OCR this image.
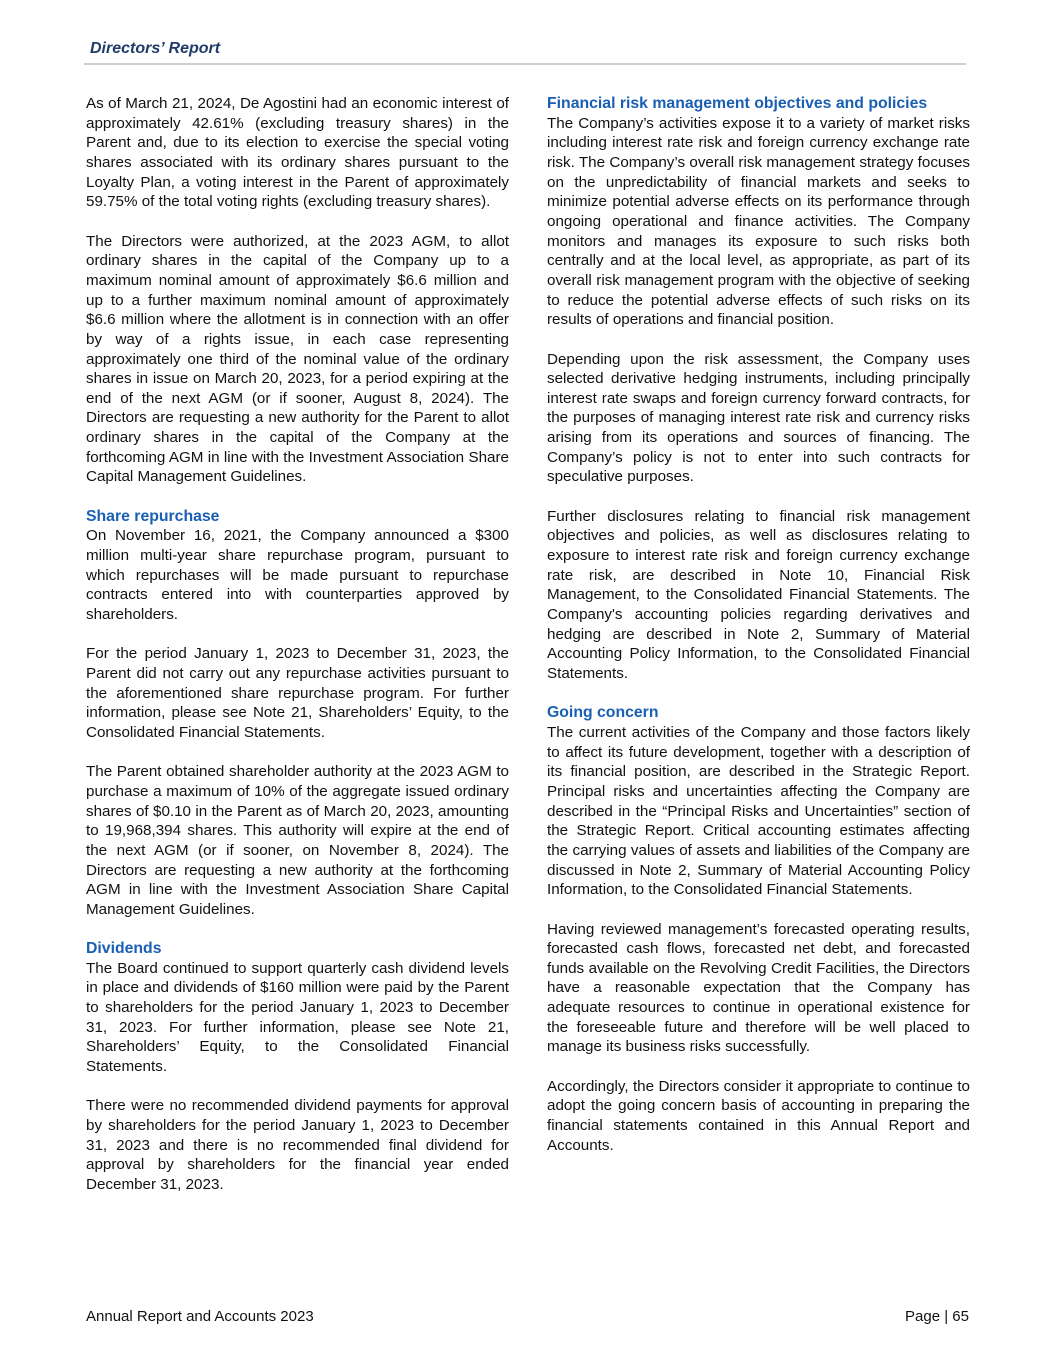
Directors’ Report

As of March 21, 2024, De Agostini had an economic interest of approximately 42.61% (excluding treasury shares) in the Parent and, due to its election to exercise the special voting shares associated with its ordinary shares pursuant to the Loyalty Plan, a voting interest in the Parent of approximately 59.75% of the total voting rights (excluding treasury shares).

The Directors were authorized, at the 2023 AGM, to allot ordinary shares in the capital of the Company up to a maximum nominal amount of approximately $6.6 million and up to a further maximum nominal amount of approximately $6.6 million where the allotment is in connection with an offer by way of a rights issue, in each case representing approximately one third of the nominal value of the ordinary shares in issue on March 20, 2023, for a period expiring at the end of the next AGM (or if sooner, August 8, 2024). The Directors are requesting a new authority for the Parent to allot ordinary shares in the capital of the Company at the forthcoming AGM in line with the Investment Association Share Capital Management Guidelines.

Share repurchase

On November 16, 2021, the Company announced a $300 million multi-year share repurchase program, pursuant to which repurchases will be made pursuant to repurchase contracts entered into with counterparties approved by shareholders.

For the period January 1, 2023 to December 31, 2023, the Parent did not carry out any repurchase activities pursuant to the aforementioned share repurchase program. For further information, please see Note 21, Shareholders’ Equity, to the Consolidated Financial Statements.

The Parent obtained shareholder authority at the 2023 AGM to purchase a maximum of 10% of the aggregate issued ordinary shares of $0.10 in the Parent as of March 20, 2023, amounting to 19,968,394 shares. This authority will expire at the end of the next AGM (or if sooner, on November 8, 2024). The Directors are requesting a new authority at the forthcoming AGM in line with the Investment Association Share Capital Management Guidelines.

Dividends

The Board continued to support quarterly cash dividend levels in place and dividends of $160 million were paid by the Parent to shareholders for the period January 1, 2023 to December 31, 2023. For further information, please see Note 21, Shareholders’ Equity, to the Consolidated Financial Statements.

There were no recommended dividend payments for approval by shareholders for the period January 1, 2023 to December 31, 2023 and there is no recommended final dividend for approval by shareholders for the financial year ended December 31, 2023.

Financial risk management objectives and policies

The Company’s activities expose it to a variety of market risks including interest rate risk and foreign currency exchange rate risk. The Company’s overall risk management strategy focuses on the unpredictability of financial markets and seeks to minimize potential adverse effects on its performance through ongoing operational and finance activities. The Company monitors and manages its exposure to such risks both centrally and at the local level, as appropriate, as part of its overall risk management program with the objective of seeking to reduce the potential adverse effects of such risks on its results of operations and financial position.

Depending upon the risk assessment, the Company uses selected derivative hedging instruments, including principally interest rate swaps and foreign currency forward contracts, for the purposes of managing interest rate risk and currency risks arising from its operations and sources of financing. The Company’s policy is not to enter into such contracts for speculative purposes.

Further disclosures relating to financial risk management objectives and policies, as well as disclosures relating to exposure to interest rate risk and foreign currency exchange rate risk, are described in Note 10, Financial Risk Management, to the Consolidated Financial Statements. The Company's accounting policies regarding derivatives and hedging are described in Note 2, Summary of Material Accounting Policy Information, to the Consolidated Financial Statements.

Going concern

The current activities of the Company and those factors likely to affect its future development, together with a description of its financial position, are described in the Strategic Report. Principal risks and uncertainties affecting the Company are described in the “Principal Risks and Uncertainties” section of the Strategic Report. Critical accounting estimates affecting the carrying values of assets and liabilities of the Company are discussed in Note 2, Summary of Material Accounting Policy Information, to the Consolidated Financial Statements.

Having reviewed management’s forecasted operating results, forecasted cash flows, forecasted net debt, and forecasted funds available on the Revolving Credit Facilities, the Directors have a reasonable expectation that the Company has adequate resources to continue in operational existence for the foreseeable future and therefore will be well placed to manage its business risks successfully.

Accordingly, the Directors consider it appropriate to continue to adopt the going concern basis of accounting in preparing the financial statements contained in this Annual Report and Accounts.

Annual Report and Accounts 2023	Page | 65
